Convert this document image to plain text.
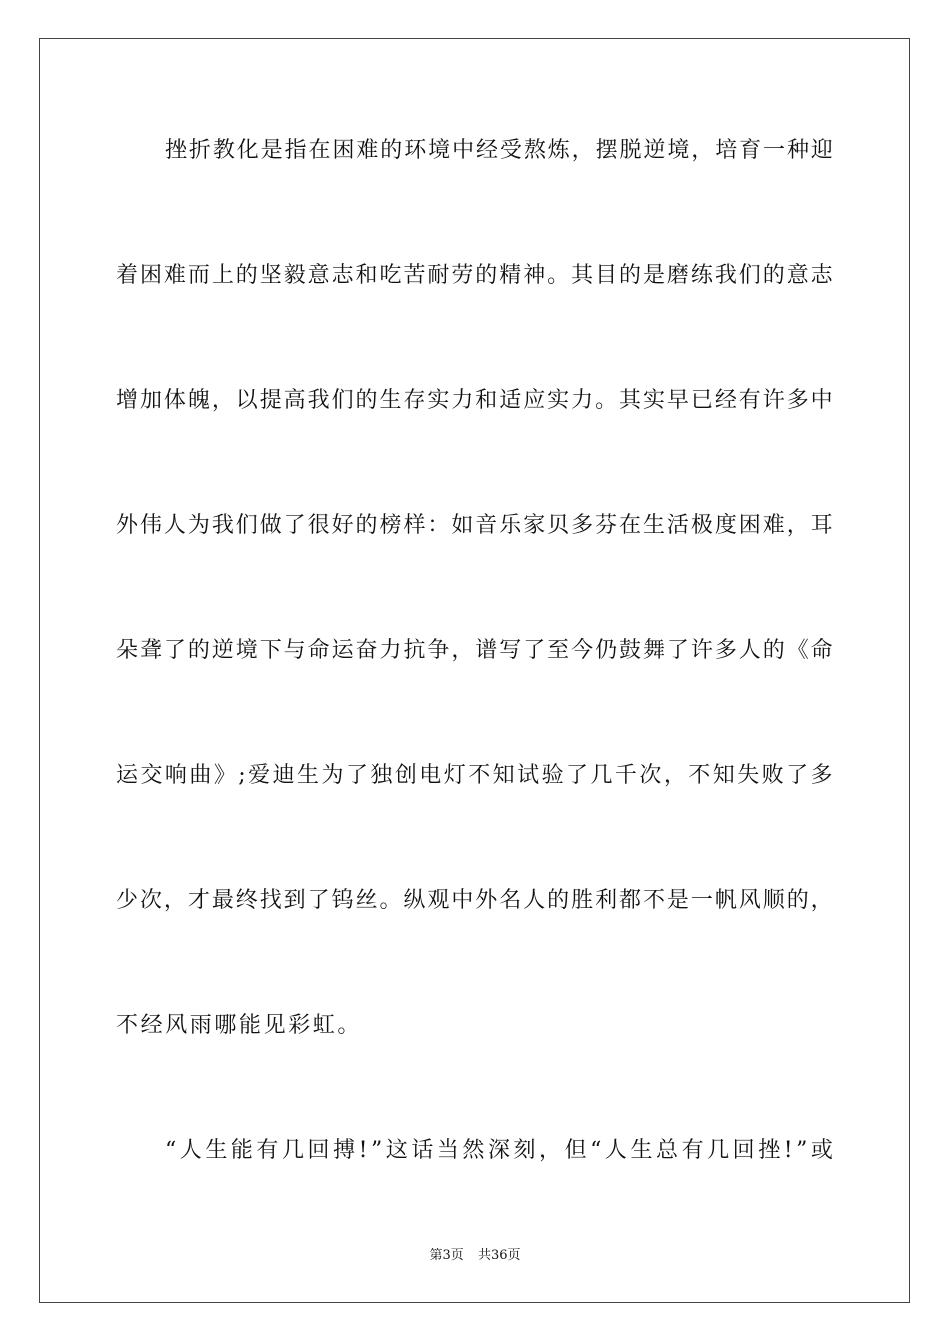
挫 折 教 化 是 指 在 困 难 的 环 境 中 经 受 熬 炼 ， 摆 脱 逆 境 ， 培 育 一 种 迎
着 困 难 而 上 的 坚 毅 意 志 和 吃 苦 耐 劳 的 精 神 。 其 目 的 是 磨 练 我 们 的 意 志
增 加 体 魄 ， 以 提 高 我 们 的 生 存 实 力 和 适 应 实 力 。 其 实 早 已 经 有 许 多 中
外 伟 人 为 我 们 做 了 很 好 的 榜 样 ： 如 音 乐 家 贝 多 芬 在 生 活 极 度 困 难 ， 耳
朵 聋 了 的 逆 境 下 与 命 运 奋 力 抗 争 ， 谱 写 了 至 今 仍 鼓 舞 了 许 多 人 的 《 命
运 交 响 曲 》 ; 爱 迪 生 为 了 独 创 电 灯 不 知 试 验 了 几 千 次 ， 不 知 失 败 了 多
少 次 ， 才 最 终 找 到 了 钨 丝 。 纵 观 中 外 名 人 的 胜 利 都 不 是 一 帆 风 顺 的 ，
不经风雨哪能见彩虹。
“ 人 生 能 有 几 回 搏 ! ” 这 话 当 然 深 刻 ， 但 “ 人 生 总 有 几 回 挫 ! ” 或
第3页 共36页
